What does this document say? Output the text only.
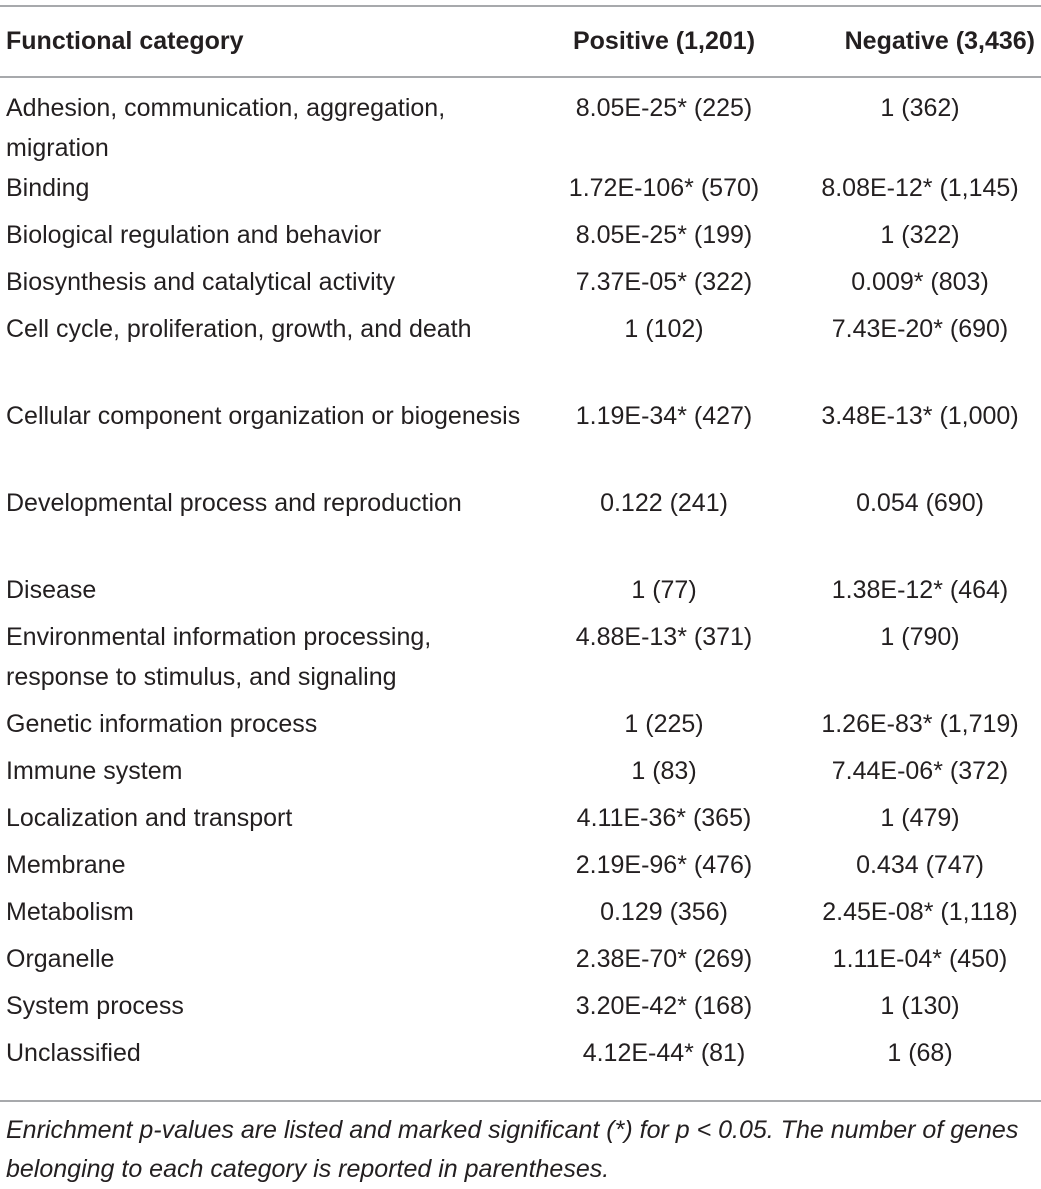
Functional category	Positive (1,201)	Negative (3,436)
Adhesion, communication, aggregation, migration	8.05E-25* (225)	1 (362)
Binding	1.72E-106* (570)	8.08E-12* (1,145)
Biological regulation and behavior	8.05E-25* (199)	1 (322)
Biosynthesis and catalytical activity	7.37E-05* (322)	0.009* (803)
Cell cycle, proliferation, growth, and death	1 (102)	7.43E-20* (690)
Cellular component organization or biogenesis	1.19E-34* (427)	3.48E-13* (1,000)
Developmental process and reproduction	0.122 (241)	0.054 (690)
Disease	1 (77)	1.38E-12* (464)
Environmental information processing, response to stimulus, and signaling	4.88E-13* (371)	1 (790)
Genetic information process	1 (225)	1.26E-83* (1,719)
Immune system	1 (83)	7.44E-06* (372)
Localization and transport	4.11E-36* (365)	1 (479)
Membrane	2.19E-96* (476)	0.434 (747)
Metabolism	0.129 (356)	2.45E-08* (1,118)
Organelle	2.38E-70* (269)	1.11E-04* (450)
System process	3.20E-42* (168)	1 (130)
Unclassified	4.12E-44* (81)	1 (68)
Enrichment p-values are listed and marked significant (*) for p < 0.05. The number of genes belonging to each category is reported in parentheses.
